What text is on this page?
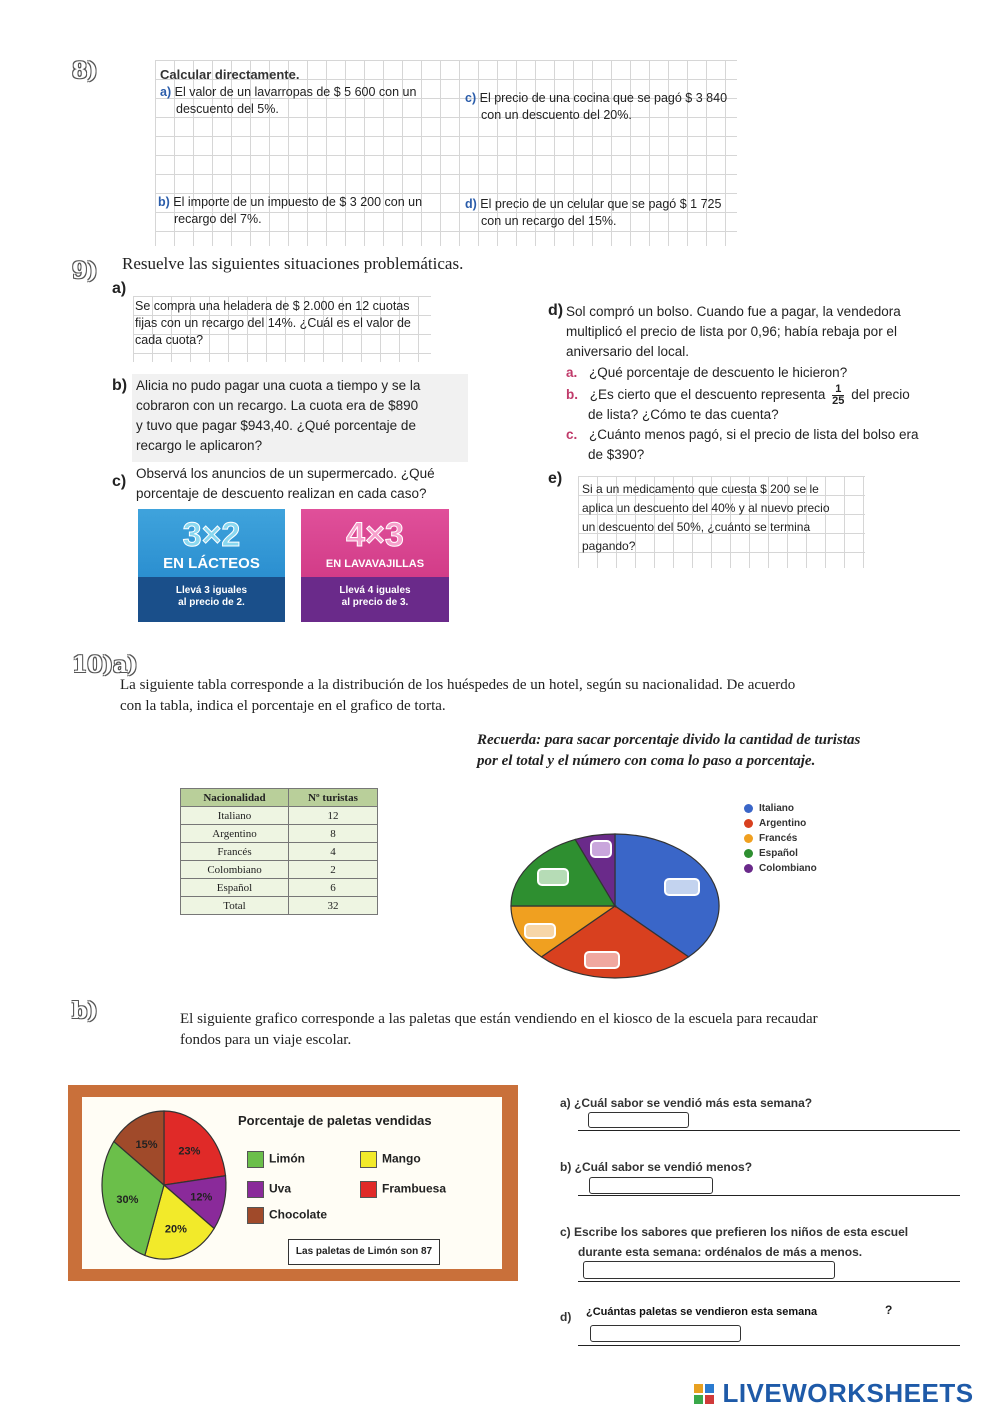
8)	Calcular directamente.
a) El valor de un lavarropas de $ 5 600 con un
descuento del 5%.
c) El precio de una cocina que se pagó $ 3 840
con un descuento del 20%.
b) El importe de un impuesto de $ 3 200 con un
recargo del 7%.
d) El precio de un celular que se pagó $ 1 725
con un recargo del 15%.
9) Resuelve las siguientes situaciones problemáticas.
a)
Se compra una heladera de $ 2.000 en 12 cuotas
fijas con un recargo del 14%. ¿Cuál es el valor de
cada cuota?
b) Alicia no pudo pagar una cuota a tiempo y se la
cobraron con un recargo. La cuota era de $890
y tuvo que pagar $943,40. ¿Qué porcentaje de
recargo le aplicaron?
c) Observá los anuncios de un supermercado. ¿Qué
porcentaje de descuento realizan en cada caso?
3×2
EN LÁCTEOS
Llevá 3 iguales
al precio de 2.
4×3
EN LAVAVAJILLAS
Llevá 4 iguales
al precio de 3.
d) Sol compró un bolso. Cuando fue a pagar, la vendedora
multiplicó el precio de lista por 0,96; había rebaja por el
aniversario del local.
a. ¿Qué porcentaje de descuento le hicieron?
b. ¿Es cierto que el descuento representa $\frac{1}{25}$ del precio
de lista? ¿Cómo te das cuenta?
c. ¿Cuánto menos pagó, si el precio de lista del bolso era
de $390?
e)
Si a un medicamento que cuesta $ 200 se le
aplica un descuento del 40% y al nuevo precio
un descuento del 50%, ¿cuánto se termina
pagando?
10)a)
La siguiente tabla corresponde a la distribución de los huéspedes de un hotel, según su nacionalidad. De acuerdo
con la tabla, indica el porcentaje en el grafico de torta.
Recuerda: para sacar porcentaje divido la cantidad de turistas
por el total y el número con coma lo paso a porcentaje.
Nacionalidad	Nº turistas
Italiano	12
Argentino	8
Francés	4
Colombiano	2
Español	6
Total	32
Italiano
Argentino
Francés
Español
Colombiano
b)	El siguiente grafico corresponde a las paletas que están vendiendo en el kiosco de la escuela para recaudar
fondos para un viaje escolar.
23%
12%
20%
30%
15%
Porcentaje de paletas vendidas
Limón	Mango
Uva	Frambuesa
Chocolate
Las paletas de Limón son 87
a) ¿Cuál sabor se vendió más esta semana?
b) ¿Cuál sabor se vendió menos?
c) Escribe los sabores que prefieren los niños de esta escuel
durante esta semana: ordénalos de más a menos.
d) ¿Cuántas paletas se vendieron esta semana	?
LIVEWORKSHEETS
